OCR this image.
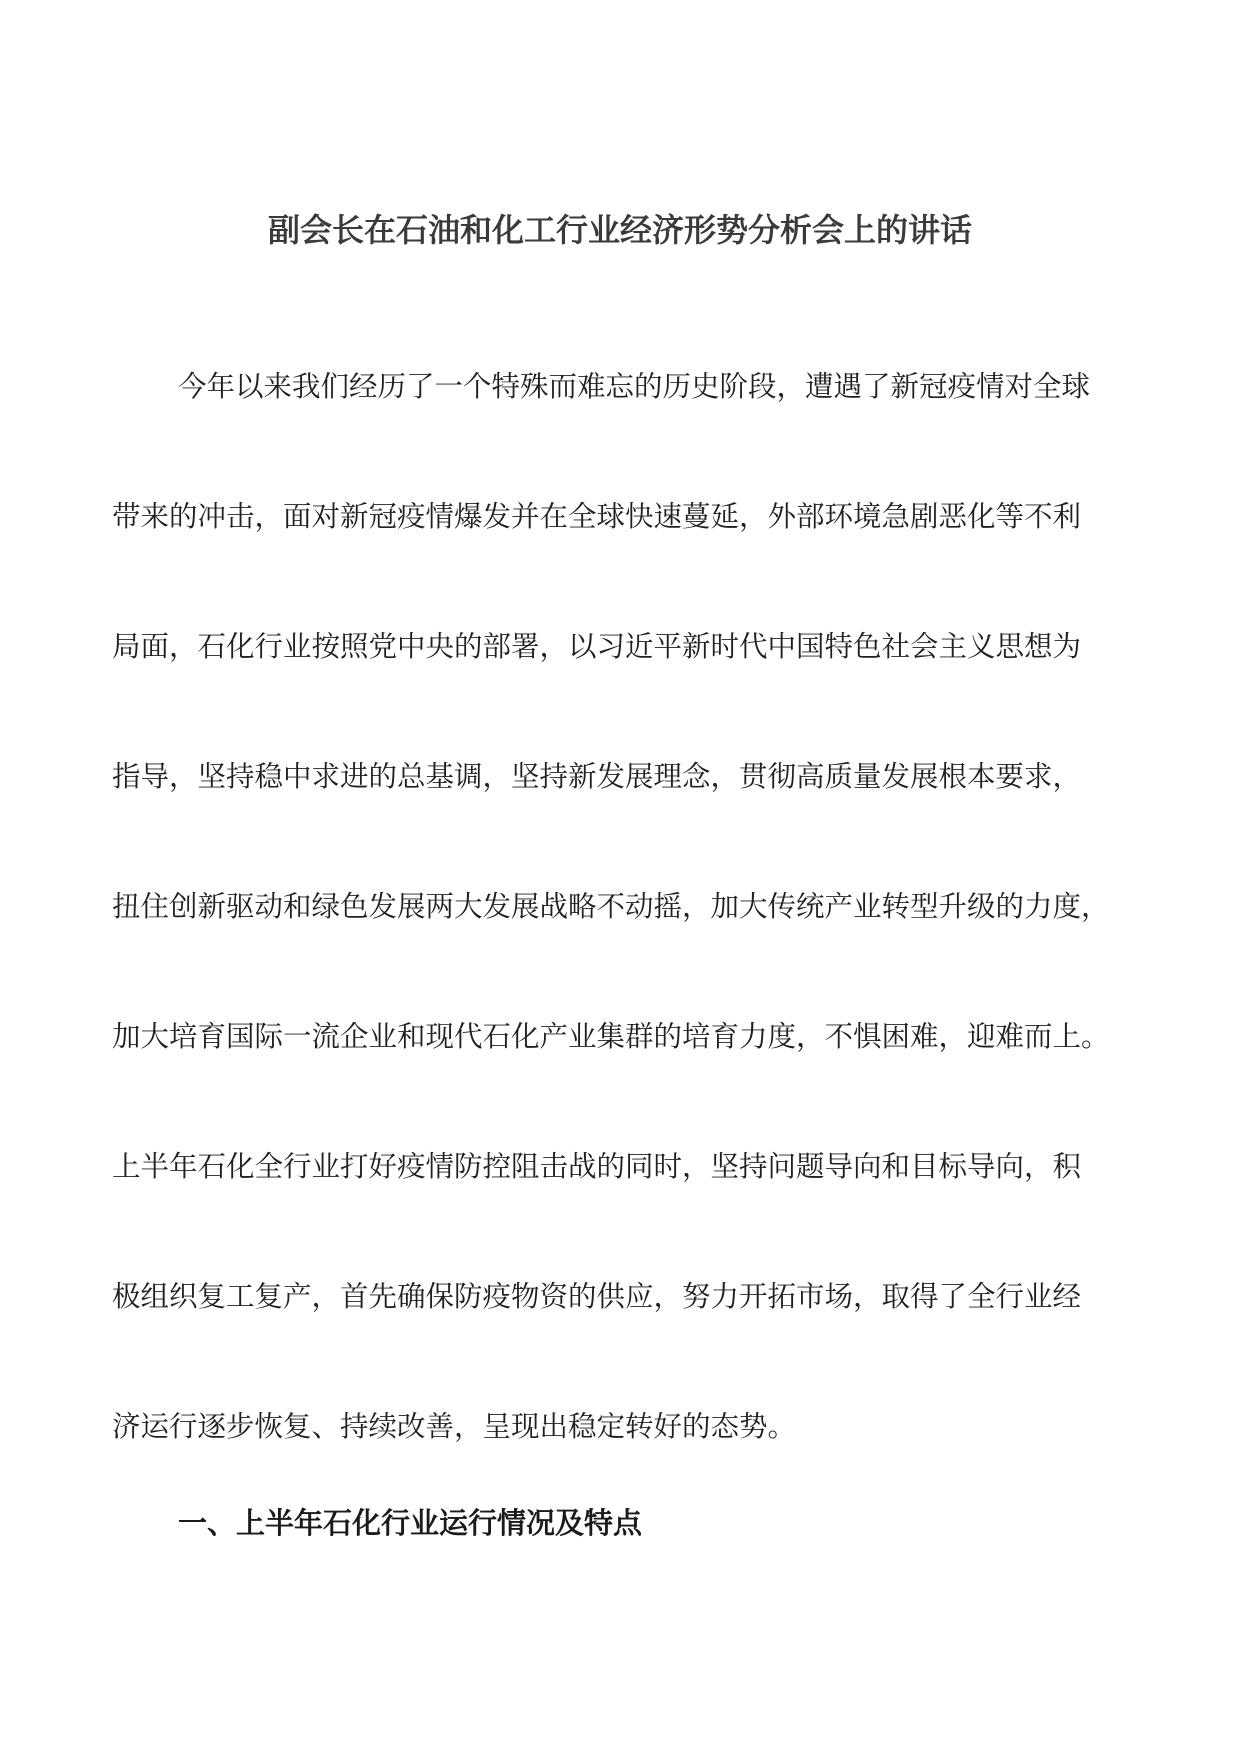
副会长在石油和化工行业经济形势分析会上的讲话
今年以来我们经历了一个特殊而难忘的历史阶段，遭遇了新冠疫情对全球
带来的冲击，面对新冠疫情爆发并在全球快速蔓延，外部环境急剧恶化等不利
局面，石化行业按照党中央的部署，以习近平新时代中国特色社会主义思想为
指导，坚持稳中求进的总基调，坚持新发展理念，贯彻高质量发展根本要求，
扭住创新驱动和绿色发展两大发展战略不动摇，加大传统产业转型升级的力度，
加大培育国际一流企业和现代石化产业集群的培育力度，不惧困难，迎难而上。
上半年石化全行业打好疫情防控阻击战的同时，坚持问题导向和目标导向，积
极组织复工复产，首先确保防疫物资的供应，努力开拓市场，取得了全行业经
济运行逐步恢复、持续改善，呈现出稳定转好的态势。
一、上半年石化行业运行情况及特点
